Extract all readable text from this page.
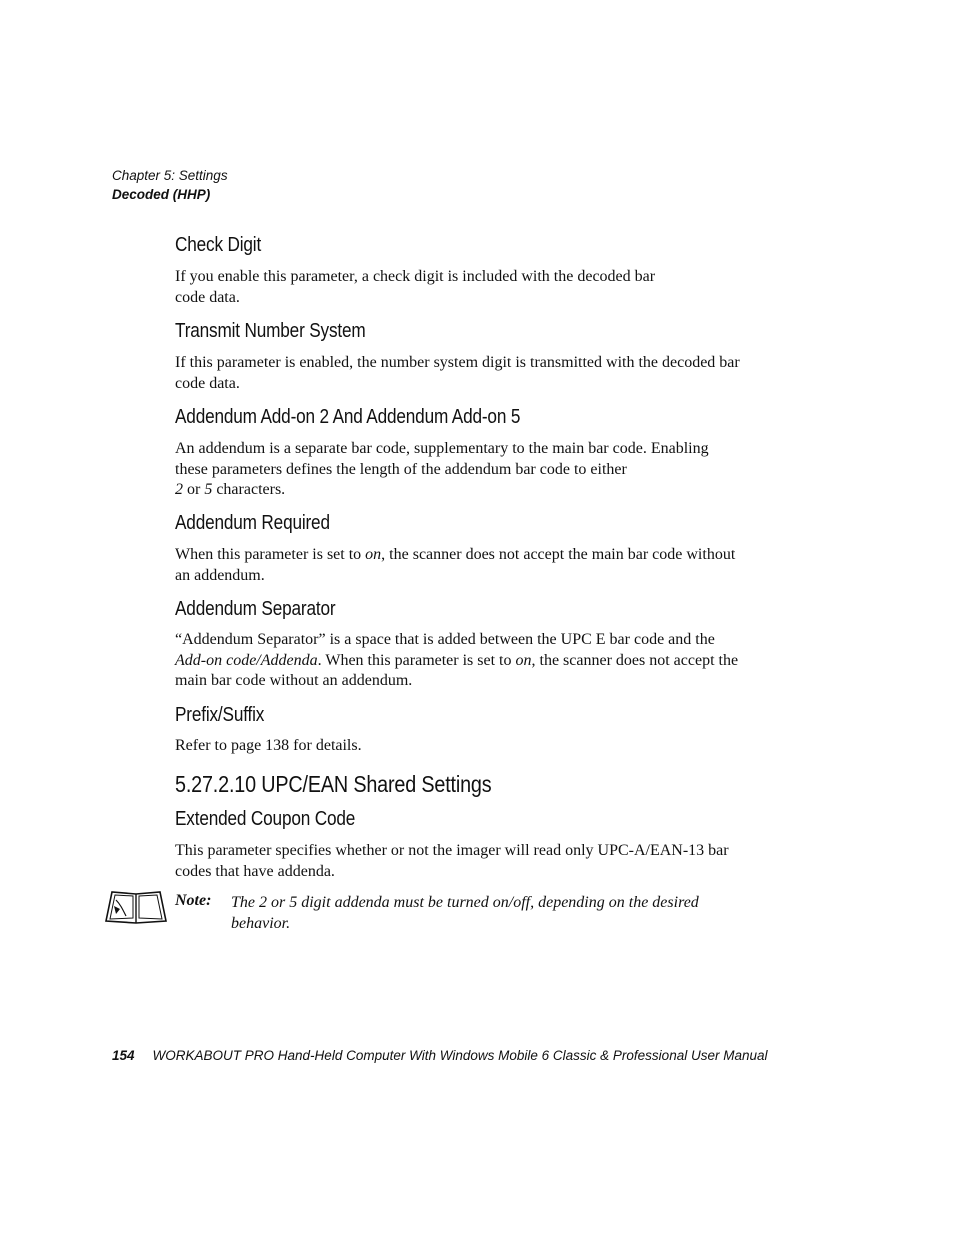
Chapter 5: Settings
Decoded (HHP)
Check Digit
If you enable this parameter, a check digit is included with the decoded bar code data.
Transmit Number System
If this parameter is enabled, the number system digit is transmitted with the decoded bar code data.
Addendum Add-on 2 And Addendum Add-on 5
An addendum is a separate bar code, supplementary to the main bar code. Enabling these parameters defines the length of the addendum bar code to either
2 or 5 characters.
Addendum Required
When this parameter is set to on, the scanner does not accept the main bar code without an addendum.
Addendum Separator
“Addendum Separator” is a space that is added between the UPC E bar code and the Add-on code/Addenda. When this parameter is set to on, the scanner does not accept the main bar code without an addendum.
Prefix/Suffix
Refer to page 138 for details.
5.27.2.10 UPC/EAN Shared Settings
Extended Coupon Code
This parameter specifies whether or not the imager will read only UPC-A/EAN-13 bar codes that have addenda.
Note: The 2 or 5 digit addenda must be turned on/off, depending on the desired behavior.
154 WORKABOUT PRO Hand-Held Computer With Windows Mobile 6 Classic & Professional User Manual
